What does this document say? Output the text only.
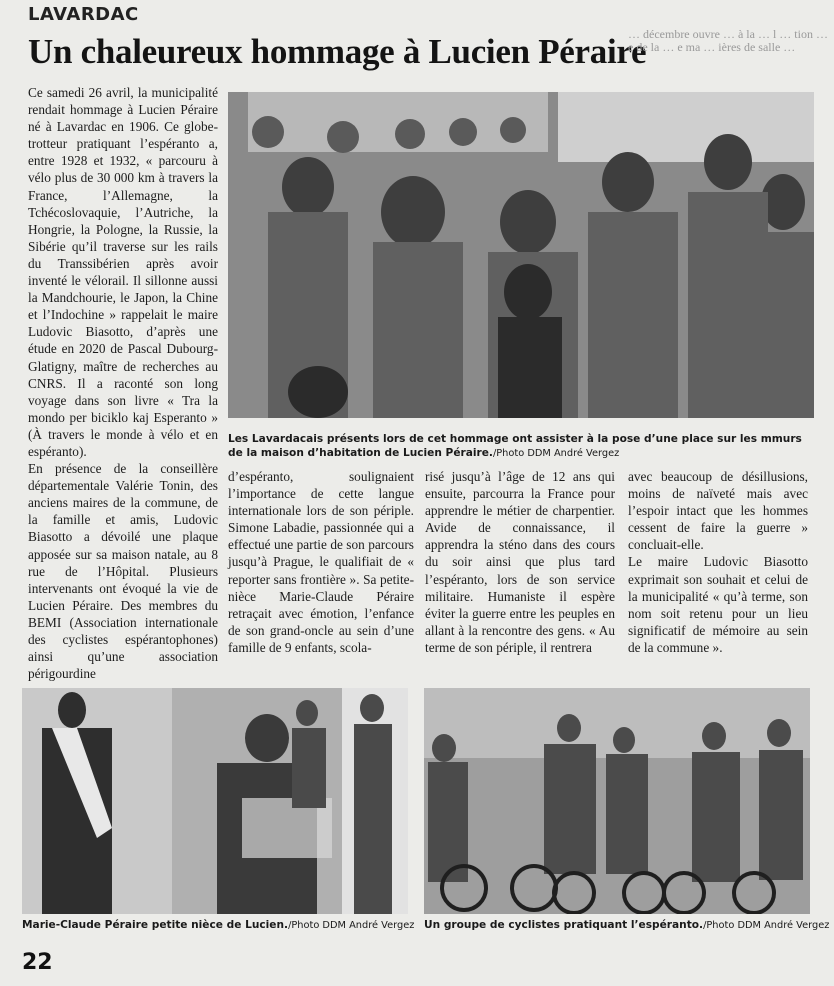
LAVARDAC
Un chaleureux hommage à Lucien Péraire
… décembre ouvre … à la … l … tion … e de la … e ma … ières de salle …

Ce samedi 26 avril, la municipalité rendait hommage à Lucien Péraire né à Lavardac en 1906. Ce globe-trotteur pratiquant l’espéranto a, entre 1928 et 1932, « parcouru à vélo plus de 30 000 km à travers la France, l’Allemagne, la Tchécoslovaquie, l’Autriche, la Hongrie, la Pologne, la Russie, la Sibérie qu’il traverse sur les rails du Transsibérien après avoir inventé le vélorail. Il sillonne aussi la Mandchourie, le Japon, la Chine et l’Indochine » rappelait le maire Ludovic Biasotto, d’après une étude en 2020 de Pascal Dubourg-Glatigny, maître de recherches au CNRS. Il a raconté son long voyage dans son livre « Tra la mondo per biciklo kaj Esperanto » (À travers le monde à vélo et en espéranto).

En présence de la conseillère départementale Valérie Tonin, des anciens maires de la commune, de la famille et amis, Ludovic Biasotto a dévoilé une plaque apposée sur sa maison natale, au 8 rue de l’Hôpital. Plusieurs intervenants ont évoqué la vie de Lucien Péraire. Des membres du BEMI (Association internationale des cyclistes espérantophones) ainsi qu’une association périgourdine

Les Lavardacais présents lors de cet hommage ont assister à la pose d’une place sur les mmurs de la maison d’habitation de Lucien Péraire./Photo DDM André Vergez

d’espéranto, soulignaient l’importance de cette langue internationale lors de son périple. Simone Labadie, passionnée qui a effectué une partie de son parcours jusqu’à Prague, le qualifiait de « reporter sans frontière ». Sa petite-nièce Marie-Claude Péraire retraçait avec émotion, l’enfance de son grand-oncle au sein d’une famille de 9 enfants, scola-

risé jusqu’à l’âge de 12 ans qui ensuite, parcourra la France pour apprendre le métier de charpentier. Avide de connaissance, il apprendra la sténo dans des cours du soir ainsi que plus tard l’espéranto, lors de son service militaire. Humaniste il espère éviter la guerre entre les peuples en allant à la rencontre des gens. « Au terme de son périple, il rentrera

avec beaucoup de désillusions, moins de naïveté mais avec l’espoir intact que les hommes cessent de faire la guerre » concluait-elle.

Le maire Ludovic Biasotto exprimait son souhait et celui de la municipalité « qu’à terme, son nom soit retenu pour un lieu significatif de mémoire au sein de la commune ».

Marie-Claude Péraire petite nièce de Lucien./Photo DDM André Vergez Un groupe de cyclistes pratiquant l’espéranto./Photo DDM André Vergez
22
